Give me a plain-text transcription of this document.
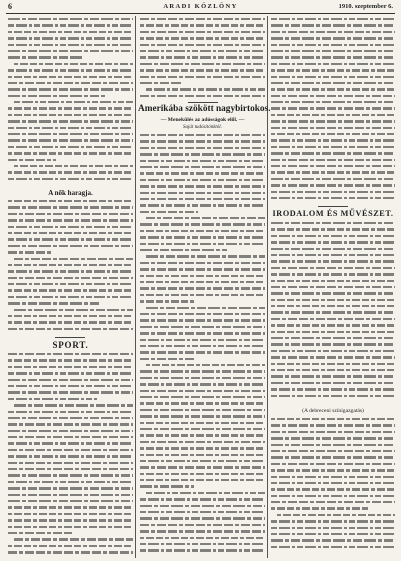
6	ARADI KÖZLÖNY	1910. szeptember 6.
A nők haragja.
SPORT.
Amerikába szökött nagybirtokos.
— Menekülés az adósságok elől. —
Saját tudósítónktól.
IRODALOM ÉS MŰVÉSZET.
(A debreceni színigazgatás)
